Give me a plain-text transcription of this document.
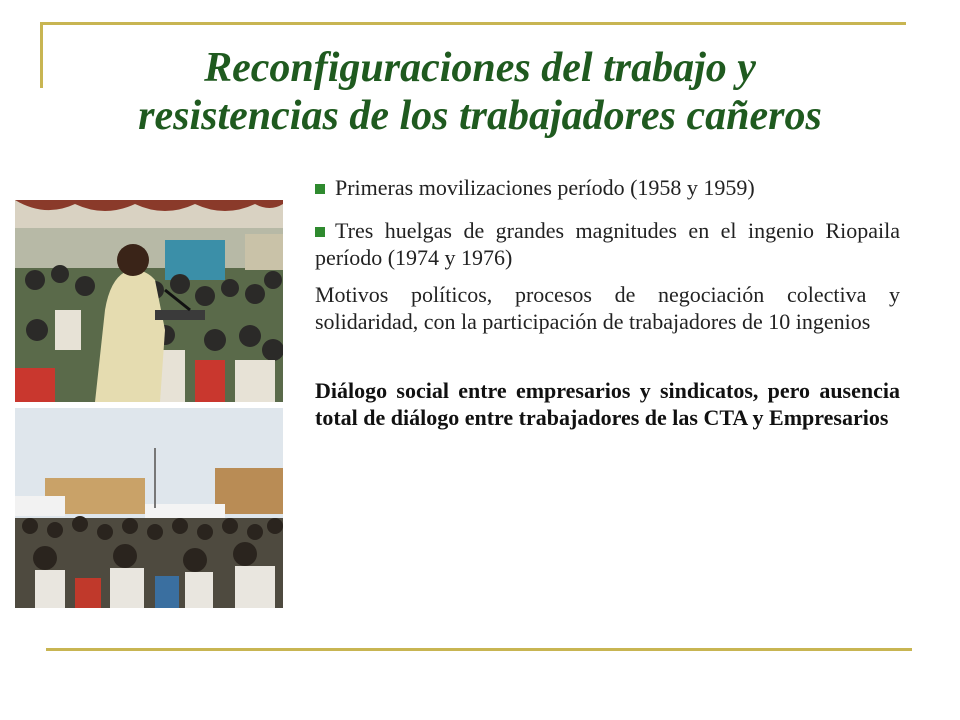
Reconfiguraciones del trabajo y
resistencias de los trabajadores cañeros
Primeras movilizaciones período (1958 y 1959)
Tres huelgas de grandes magnitudes en el ingenio Riopaila período (1974 y 1976)
Motivos políticos, procesos de negociación colectiva y solidaridad, con la participación de trabajadores de 10 ingenios
Diálogo social entre empresarios y sindicatos, pero ausencia total de diálogo entre trabajadores de las CTA y Empresarios
